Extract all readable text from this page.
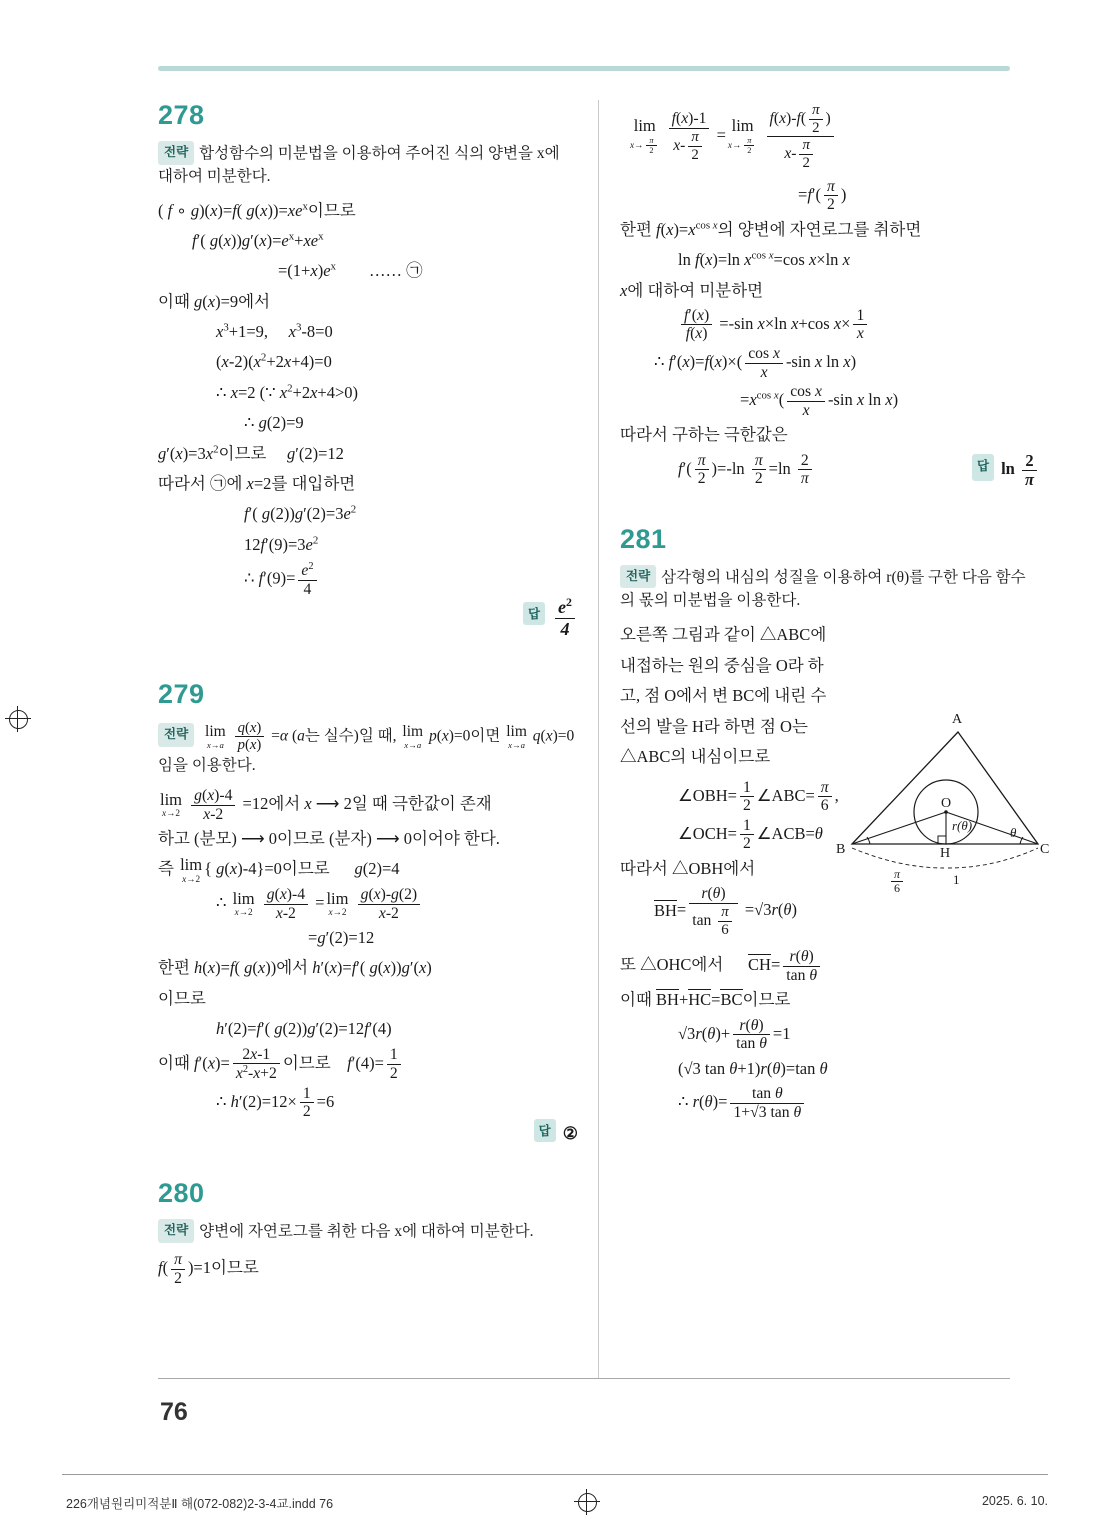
278
전략 합성함수의 미분법을 이용하여 주어진 식의 양변을 x에 대하여 미분한다.
( f ∘ g)(x)=f( $g(x))=xe^x$이므로
f′( $g(x))g'(x)=e^x+xe^x$
$=(1+x)e^x$        …… ㉠
이때 g(x)=9에서
$x^3+1=9$,     $x^3-8=0$
$(x-2)(x^2+2x+4)=0$
∴ x=2 (∵ $x^2+2x+4>0$)
∴ g(2)=9
$g'(x)=3x^2$이므로     g′(2)=12
따라서 ㉠에 x=2를 대입하면
f′( $g(2))g'(2)=3e^2$
$12f'(9)=3e^2$
∴ $f'(9)= \frac{e^2}{4}$
답 $\frac{e^2}{4}$
279
전략 lim
x→a
$\frac{q(x)}{p(x)} =\alpha$ (a는 실수)일 때, lim
x→a
p(x)=0이면 lim
x→a
q(x)=0임을 이용한다.
lim
x→2
$\frac{g(x)-4}{x-2} =12$에서 x ⟶ 2일 때 극한값이 존재
하고 (분모) ⟶ 0이므로 (분자) ⟶ 0이어야 한다.
즉 lim
x→2
{ g(x)-4}=0이므로      g(2)=4
∴ lim
x→2
$\frac{g(x)-4}{x-2} = \lim$
x→2
$\frac{g(x)-g(2)}{x-2}$
=g′(2)=12
한편 h(x)=f( g(x))에서 h′(x)=f′( g(x))g′(x)
이므로
h′(2)=f′( g(2))g′(2)=12f′(4)
이때 $f'(x)= \frac{2x-1}{x^2-x+2}$ 이므로    $f'(4)= \frac{1}{2}$
∴ $h'(2)=12\times \frac{1}{2} =6$
답 ②
280
전략 양변에 자연로그를 취한 다음 x에 대하여 미분한다.
$f( \frac{\pi}{2} )=1$이므로
lim
$x\to \frac{\pi}{2}$
$\frac{f(x)-1}{x- \frac{\pi}{2}} = \lim$
$x\to \frac{\pi}{2}$
$\frac{f(x)-f( \frac{\pi}{2} )}{x- \frac{\pi}{2}}$
$=f'( \frac{\pi}{2}$ )
한편 $f(x)=x^{cos x}$의 양변에 자연로그를 취하면
ln f(x)=ln $x^{cos x}=\cos$ x×ln x
x에 대하여 미분하면
$\frac{f'(x)}{f(x)} =-\sin$ x×ln x+cos $x\times \frac{1}{x}$
∴ $f'(x)=f(x)\times( \frac{\text{cos x}}{x} -\sin$ x ln x)
$=x^{cos x}( \frac{\text{cos x}}{x} -\sin$ x ln x)
따라서 구하는 극한값은
$f'( \frac{\pi}{2} )=-\ln \frac{\pi}{2} =\ln \frac{2}{\pi}$	답 $\ln \frac{2}{\pi}$
281
전략 삼각형의 내심의 성질을 이용하여 r(θ)를 구한 다음 함수의 몫의 미분법을 이용한다.
오른쪽 그림과 같이 △ABC에 내접하는 원의 중심을 O라 하고, 점 O에서 변 BC에 내린 수선의 발을 H라 하면 점 O는 △ABC의 내심이므로
∠OBH= $\frac{1}{2}$ ∠ABC= $\frac{\pi}{6}$ ,
∠OCH= $\frac{1}{2}$ ∠ACB=θ
따라서 △OBH에서
$BH= \frac{r(\theta)}{\tan \frac{\pi}{6}} =√3r(\theta)$
또 △OHC에서      $CH= \frac{r(\theta)}{\text{tan θ}}$
이때 BH+HC=BC이므로
$√3r(\theta)+ \frac{r(\theta)}{\text{tan θ}} =1$
(√3 tan θ+1)r(θ)=tan θ
∴ $r(\theta)= \frac{\text{tan θ}}{\text{1+√3 tan θ}}$
A
B	C
O
H
r(θ)	θ
$\frac{\pi}{6}$	1
76
226개념원리미적분Ⅱ 해(072-082)2-3-4교.indd 76	2025. 6. 10.
